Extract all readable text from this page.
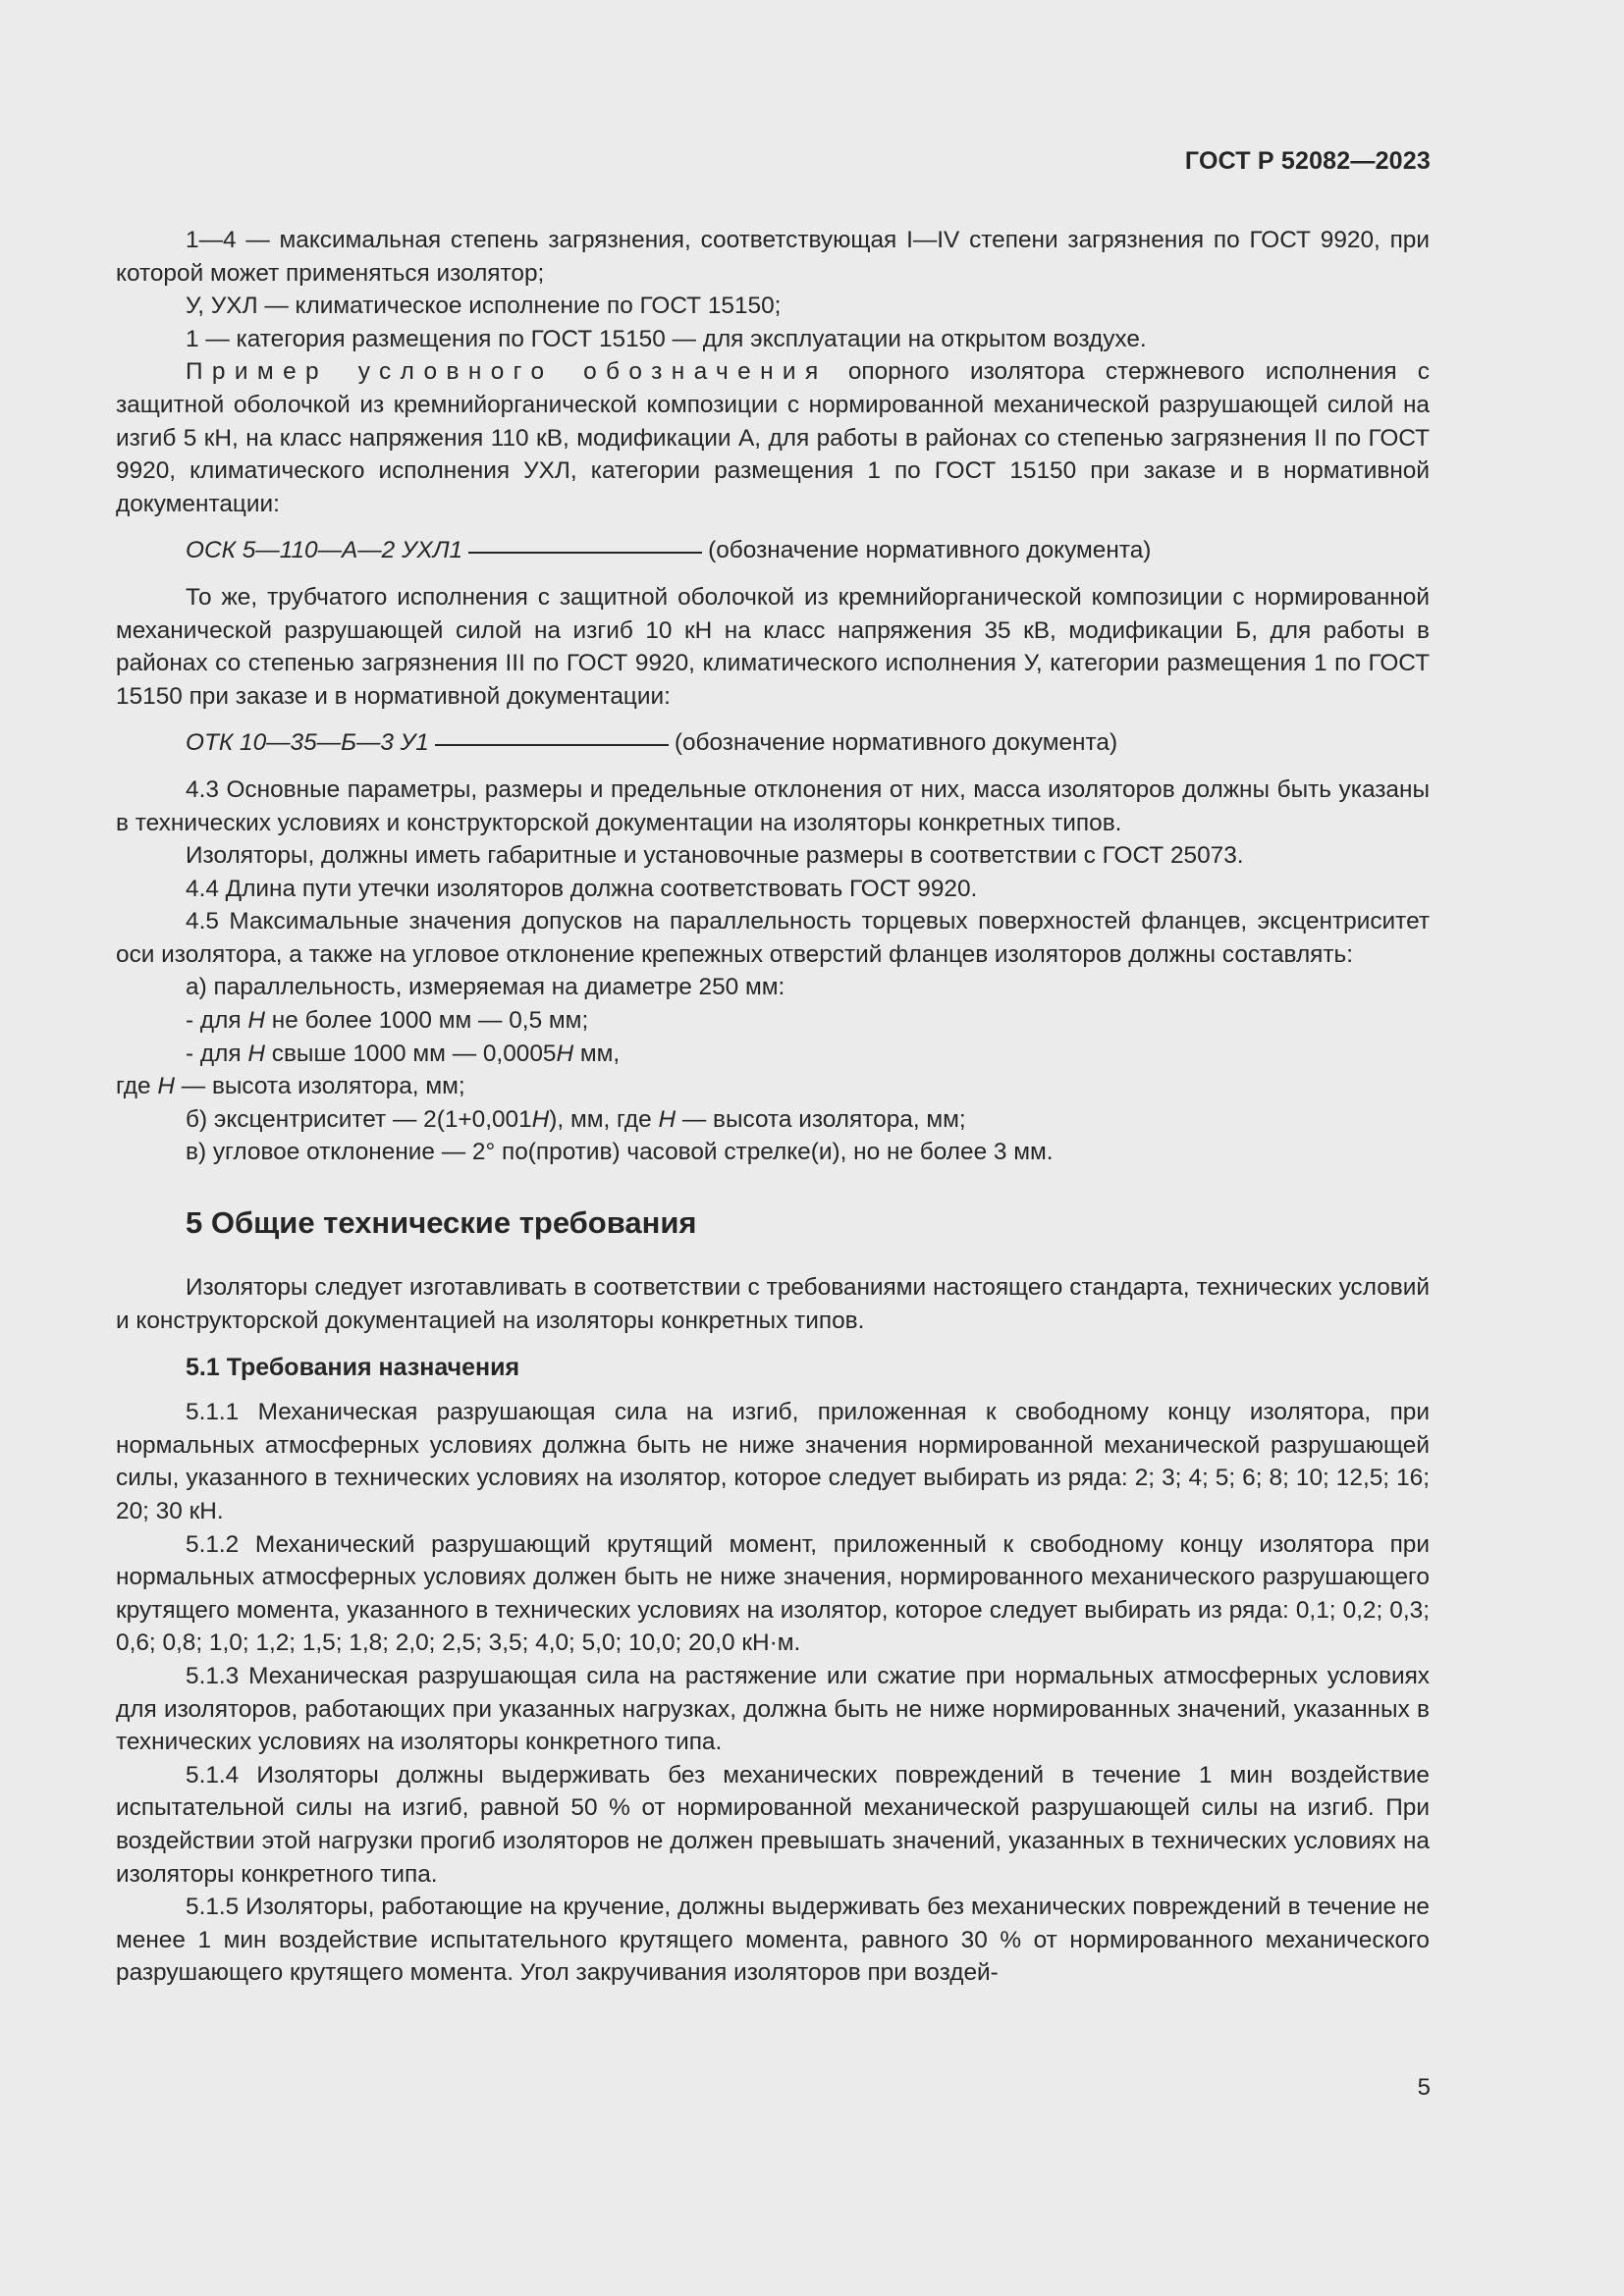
ГОСТ Р 52082—2023

1—4 — максимальная степень загрязнения, соответствующая I—IV степени загрязнения по ГОСТ 9920, при которой может применяться изолятор;

У, УХЛ — климатическое исполнение по ГОСТ 15150;

1 — категория размещения по ГОСТ 15150 — для эксплуатации на открытом воздухе.

Пример условного обозначения опорного изолятора стержневого исполнения с защитной оболочкой из кремнийорганической композиции с нормированной механической разрушающей силой на изгиб 5 кН, на класс напряжения 110 кВ, модификации А, для работы в районах со степенью загрязнения II по ГОСТ 9920, климатического исполнения УХЛ, категории размещения 1 по ГОСТ 15150 при заказе и в нормативной документации:

ОСК 5—110—А—2 УХЛ1	(обозначение нормативного документа)

То же, трубчатого исполнения с защитной оболочкой из кремнийорганической композиции с нормированной механической разрушающей силой на изгиб 10 кН на класс напряжения 35 кВ, модификации Б, для работы в районах со степенью загрязнения III по ГОСТ 9920, климатического исполнения У, категории размещения 1 по ГОСТ 15150 при заказе и в нормативной документации:

ОТК 10—35—Б—3 У1	(обозначение нормативного документа)

4.3 Основные параметры, размеры и предельные отклонения от них, масса изоляторов должны быть указаны в технических условиях и конструкторской документации на изоляторы конкретных типов.

Изоляторы, должны иметь габаритные и установочные размеры в соответствии с ГОСТ 25073.

4.4 Длина пути утечки изоляторов должна соответствовать ГОСТ 9920.

4.5 Максимальные значения допусков на параллельность торцевых поверхностей фланцев, эксцентриситет оси изолятора, а также на угловое отклонение крепежных отверстий фланцев изоляторов должны составлять:

а) параллельность, измеряемая на диаметре 250 мм:

- для Н не более 1000 мм — 0,5 мм;

- для Н свыше 1000 мм — 0,0005Н мм,

где Н — высота изолятора, мм;

б) эксцентриситет — 2(1+0,001Н), мм, где Н — высота изолятора, мм;

в) угловое отклонение — 2° по(против) часовой стрелке(и), но не более 3 мм.

5 Общие технические требования

Изоляторы следует изготавливать в соответствии с требованиями настоящего стандарта, технических условий и конструкторской документацией на изоляторы конкретных типов.

5.1 Требования назначения

5.1.1 Механическая разрушающая сила на изгиб, приложенная к свободному концу изолятора, при нормальных атмосферных условиях должна быть не ниже значения нормированной механической разрушающей силы, указанного в технических условиях на изолятор, которое следует выбирать из ряда: 2; 3; 4; 5; 6; 8; 10; 12,5; 16; 20; 30 кН.

5.1.2 Механический разрушающий крутящий момент, приложенный к свободному концу изолятора при нормальных атмосферных условиях должен быть не ниже значения, нормированного механического разрушающего крутящего момента, указанного в технических условиях на изолятор, которое следует выбирать из ряда: 0,1; 0,2; 0,3; 0,6; 0,8; 1,0; 1,2; 1,5; 1,8; 2,0; 2,5; 3,5; 4,0; 5,0; 10,0; 20,0 кН·м.

5.1.3 Механическая разрушающая сила на растяжение или сжатие при нормальных атмосферных условиях для изоляторов, работающих при указанных нагрузках, должна быть не ниже нормированных значений, указанных в технических условиях на изоляторы конкретного типа.

5.1.4 Изоляторы должны выдерживать без механических повреждений в течение 1 мин воздействие испытательной силы на изгиб, равной 50 % от нормированной механической разрушающей силы на изгиб. При воздействии этой нагрузки прогиб изоляторов не должен превышать значений, указанных в технических условиях на изоляторы конкретного типа.

5.1.5 Изоляторы, работающие на кручение, должны выдерживать без механических повреждений в течение не менее 1 мин воздействие испытательного крутящего момента, равного 30 % от нормированного механического разрушающего крутящего момента. Угол закручивания изоляторов при воздей-

5
